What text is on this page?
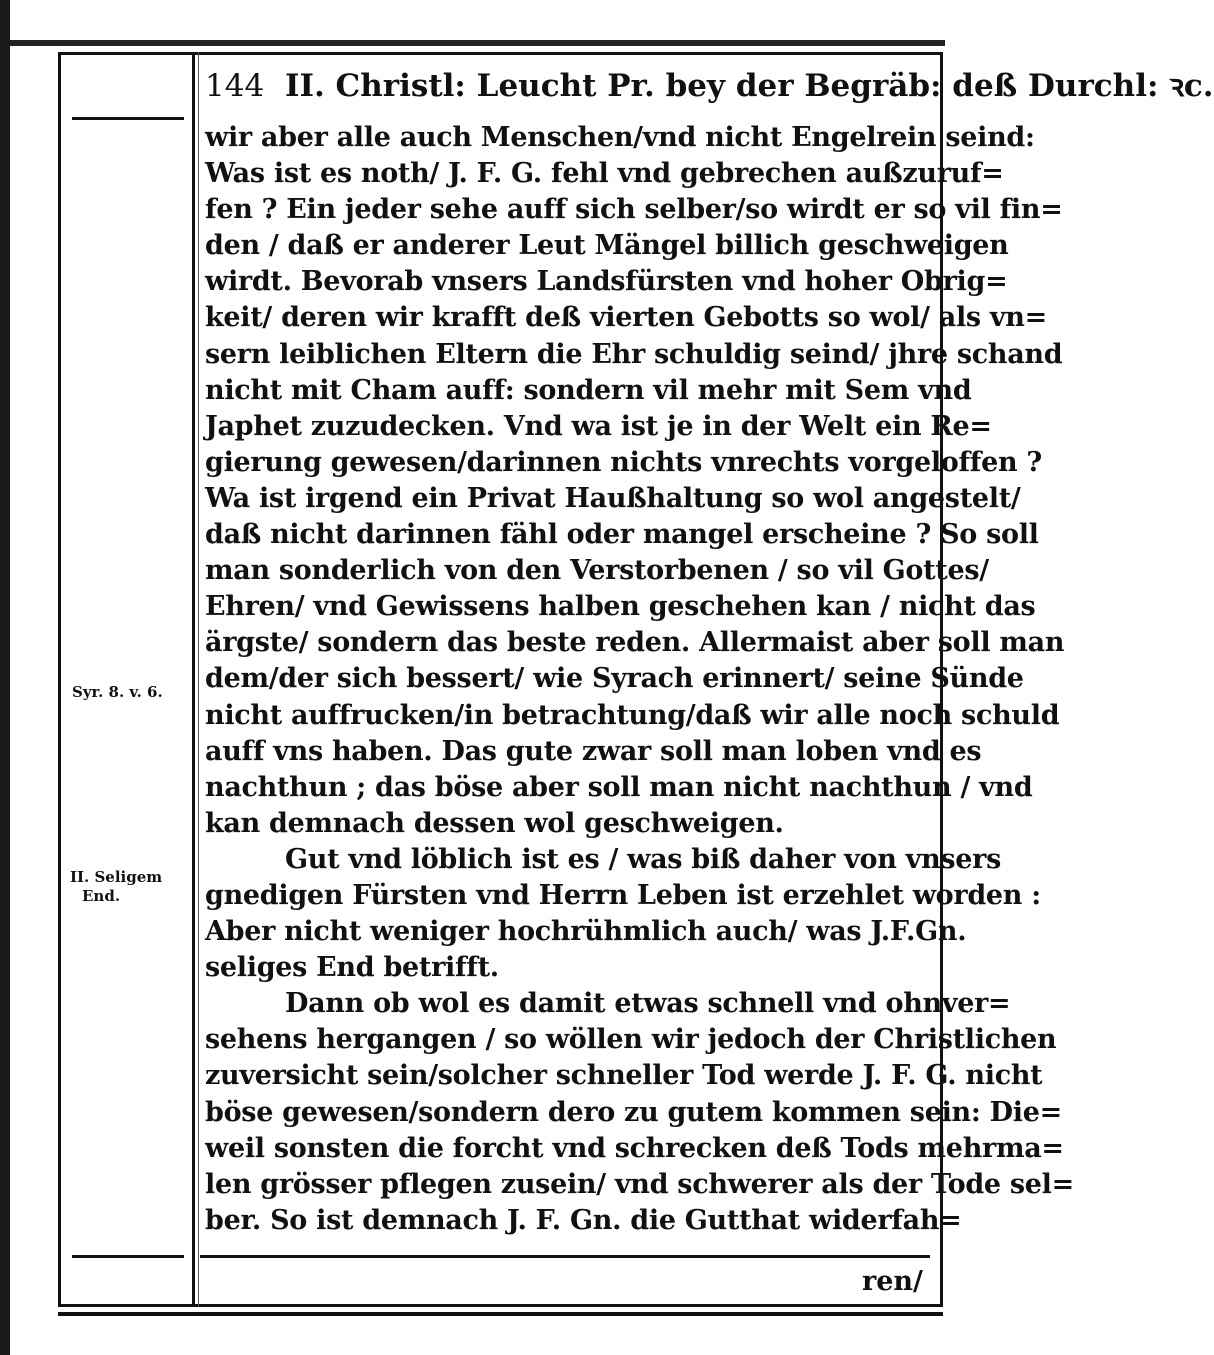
144 II. Christl: Leucht Pr. bey der Begräb: deß Durchl: ꝛc.
Syr. 8. v. 6.
II. Seligem
End.
wir aber alle auch Menschen/vnd nicht Engelrein seind:
Was ist es noth/ J. F. G. fehl vnd gebrechen außzuruf=
fen ? Ein jeder sehe auff sich selber/so wirdt er so vil fin=
den / daß er anderer Leut Mängel billich geschweigen
wirdt. Bevorab vnsers Landsfürsten vnd hoher Obrig=
keit/ deren wir krafft deß vierten Gebotts so wol/ als vn=
sern leiblichen Eltern die Ehr schuldig seind/ jhre schand
nicht mit Cham auff: sondern vil mehr mit Sem vnd
Japhet zuzudecken. Vnd wa ist je in der Welt ein Re=
gierung gewesen/darinnen nichts vnrechts vorgeloffen ?
Wa ist irgend ein Privat Haußhaltung so wol angestelt/
daß nicht darinnen fähl oder mangel erscheine ? So soll
man sonderlich von den Verstorbenen / so vil Gottes/
Ehren/ vnd Gewissens halben geschehen kan / nicht das
ärgste/ sondern das beste reden. Allermaist aber soll man
dem/der sich bessert/ wie Syrach erinnert/ seine Sünde
nicht auffrucken/in betrachtung/daß wir alle noch schuld
auff vns haben. Das gute zwar soll man loben vnd es
nachthun ; das böse aber soll man nicht nachthun / vnd
kan demnach dessen wol geschweigen.
Gut vnd löblich ist es / was biß daher von vnsers
gnedigen Fürsten vnd Herrn Leben ist erzehlet worden :
Aber nicht weniger hochrühmlich auch/ was J.F.Gn.
seliges End betrifft.
Dann ob wol es damit etwas schnell vnd ohnver=
sehens hergangen / so wöllen wir jedoch der Christlichen
zuversicht sein/solcher schneller Tod werde J. F. G. nicht
böse gewesen/sondern dero zu gutem kommen sein: Die=
weil sonsten die forcht vnd schrecken deß Tods mehrma=
len grösser pflegen zusein/ vnd schwerer als der Tode sel=
ber. So ist demnach J. F. Gn. die Gutthat widerfah=
ren/
